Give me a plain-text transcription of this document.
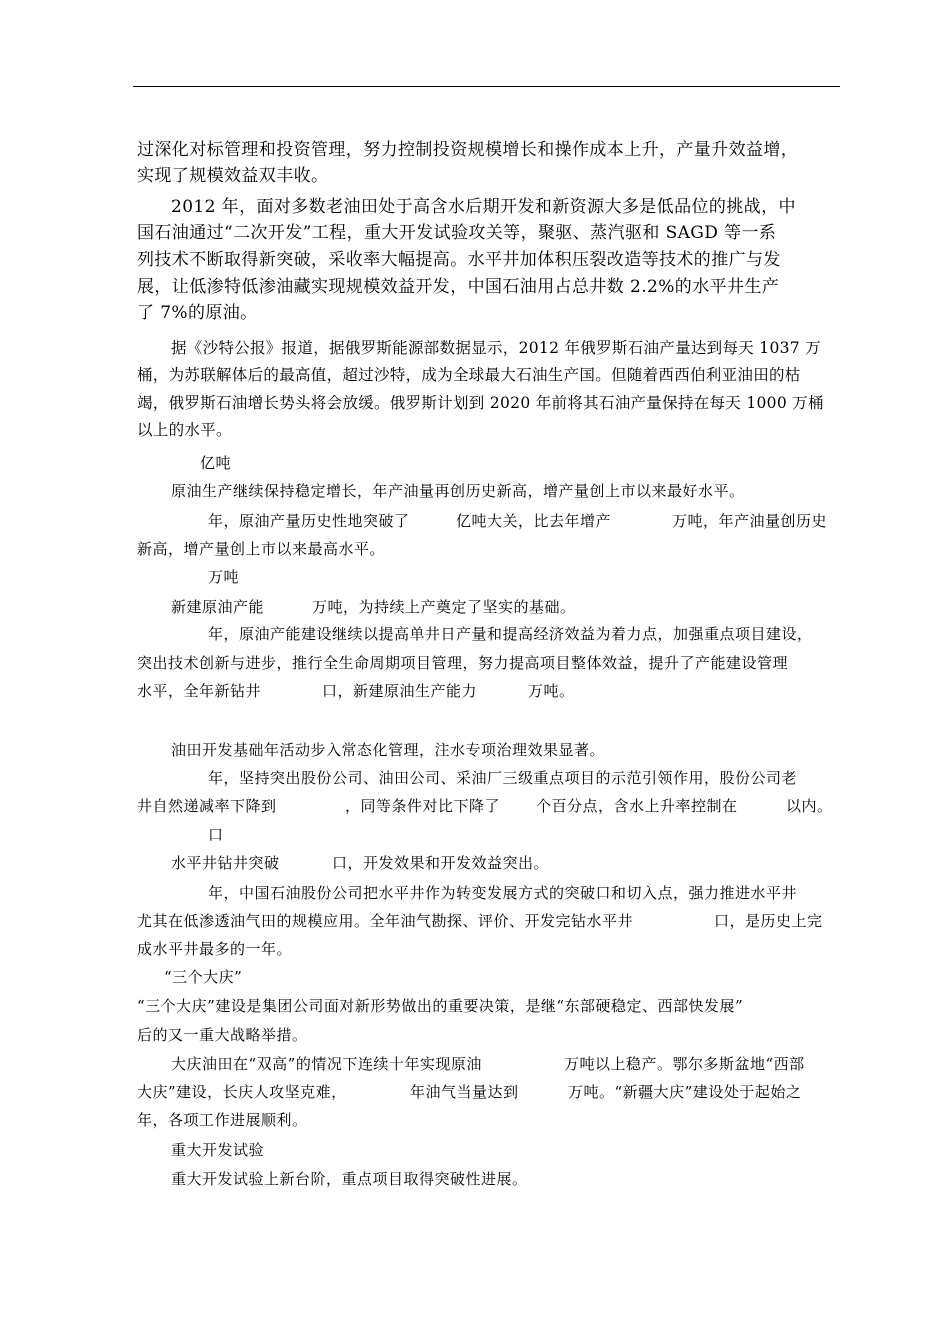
过深化对标管理和投资管理，努力控制投资规模增长和操作成本上升，产量升效益增，
实现了规模效益双丰收。
2012 年，面对多数老油田处于高含水后期开发和新资源大多是低品位的挑战，中
国石油通过“二次开发”工程，重大开发试验攻关等，聚驱、蒸汽驱和 SAGD 等一系
列技术不断取得新突破，采收率大幅提高。水平井加体积压裂改造等技术的推广与发
展，让低渗特低渗油藏实现规模效益开发，中国石油用占总井数 2.2%的水平井生产
了 7%的原油。
据《沙特公报》报道，据俄罗斯能源部数据显示，2012 年俄罗斯石油产量达到每天 1037 万
桶，为苏联解体后的最高值，超过沙特，成为全球最大石油生产国。但随着西西伯利亚油田的枯
竭，俄罗斯石油增长势头将会放缓。俄罗斯计划到 2020 年前将其石油产量保持在每天 1000 万桶
以上的水平。
亿吨
原油生产继续保持稳定增长，年产油量再创历史新高，增产量创上市以来最好水平。
年，原油产量历史性地突破了	亿吨大关，比去年增产	万吨，年产油量创历史
新高，增产量创上市以来最高水平。
万吨
新建原油产能	万吨，为持续上产奠定了坚实的基础。
年，原油产能建设继续以提高单井日产量和提高经济效益为着力点，加强重点项目建设，
突出技术创新与进步，推行全生命周期项目管理，努力提高项目整体效益，提升了产能建设管理
水平，全年新钻井	口，新建原油生产能力	万吨。
油田开发基础年活动步入常态化管理，注水专项治理效果显著。
年，坚持突出股份公司、油田公司、采油厂三级重点项目的示范引领作用，股份公司老
井自然递减率下降到	，同等条件对比下降了 个百分点，含水上升率控制在	以内。
口
水平井钻井突破	口，开发效果和开发效益突出。
年，中国石油股份公司把水平井作为转变发展方式的突破口和切入点，强力推进水平井
尤其在低渗透油气田的规模应用。全年油气勘探、评价、开发完钻水平井	口，是历史上完
成水平井最多的一年。
“三个大庆”
“三个大庆”建设是集团公司面对新形势做出的重要决策，是继“东部硬稳定、西部快发展”
后的又一重大战略举措。
大庆油田在“双高”的情况下连续十年实现原油	万吨以上稳产。鄂尔多斯盆地“西部
大庆”建设，长庆人攻坚克难，	年油气当量达到	万吨。“新疆大庆”建设处于起始之
年，各项工作进展顺利。
重大开发试验
重大开发试验上新台阶，重点项目取得突破性进展。
